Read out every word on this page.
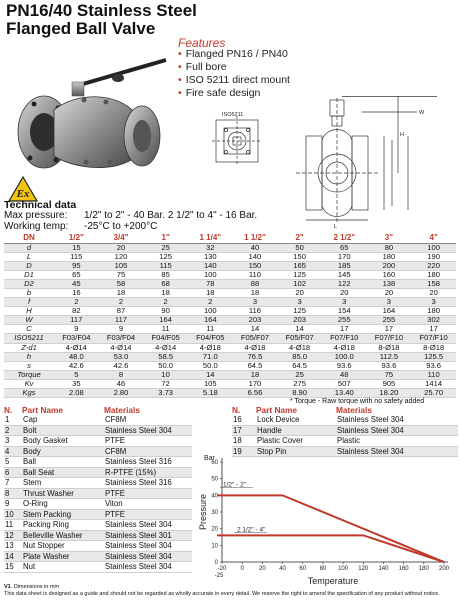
PN16/40 Stainless Steel
Flanged Ball Valve
Features
• Flanged PN16 / PN40
• Full bore
• ISO 5211 direct mount
• Fire safe design
ISO5211
L
H
W
Ex
Technical data
Max pressure: 1/2" to 2" - 40 Bar. 2 1/2" to 4" - 16 Bar.
Working temp: -25°C to +200°C
DN	1/2"	3/4"	1"	1 1/4"	1 1/2"	2"	2 1/2"	3"	4"
d	15	20	25	32	40	50	65	80	100
L	115	120	125	130	140	150	170	180	190
D	95	105	115	140	150	165	185	200	220
D1	65	75	85	100	110	125	145	160	180
D2	45	58	68	78	88	102	122	138	158
b	16	18	18	18	18	20	20	20	20
f	2	2	2	2	3	3	3	3	3
H	82	87	90	100	116	125	154	164	180
W	117	117	164	164	203	203	255	255	302
C	9	9	11	11	14	14	17	17	17
ISO5211	F03/F04	F03/F04	F04/F05	F04/F05	F05/F07	F05/F07	F07/F10	F07/F10	F07/F10
Z-d1	4-Ø14	4-Ø14	4-Ø14	4-Ø18	4-Ø18	4-Ø18	4-Ø18	8-Ø18	8-Ø18
h	48.0	53.0	58.5	71.0	76.5	85.0	100.0	112.5	125.5
s	42.6	42.6	50.0	50.0	64.5	64.5	93.6	93.6	93.6
Torque	5	8	10	14	18	25	48	75	110
Kv	35	46	72	105	170	275	507	905	1414
Kgs	2.08	2.80	3.73	5.18	6.56	8.90	13.40	18.20	25.70
* Torque - Raw torque with no safety added
N.	Part Name	Materials
1	Cap	CF8M
2	Bolt	Stainless Steel 304
3	Body Gasket	PTFE
4	Body	CF8M
5	Ball	Stainless Steel 316
6	Ball Seat	R-PTFE (15%)
7	Stem	Stainless Steel 316
8	Thrust Washer	PTFE
9	O-Ring	Viton
10	Stem Packing	PTFE
11	Packing Ring	Stainless Steel 304
12	Belleville Washer	Stainless Steel 301
13	Nut Stopper	Stainless Steel 304
14	Plate Washer	Stainless Steel 304
15	Nut	Stainless Steel 304
N.	Part Name	Materials
16	Lock Device	Stainless Steel 304
17	Handle	Stainless Steel 304
18	Plastic Cover	Plastic
19	Stop Pin	Stainless Steel 304
0
10
20
30
40
50
60
-20 0	20 40 60 80 100 120 140 160 180 200
-25
Bar
Pressure
Temperature
1/2" - 2"
2 1/2" - 4"
V1. Dimensions in mm
This data sheet is designed as a guide and should not be regarded as wholly accurate in every detail. We reserve the right to amend the specification of any product without notice.
